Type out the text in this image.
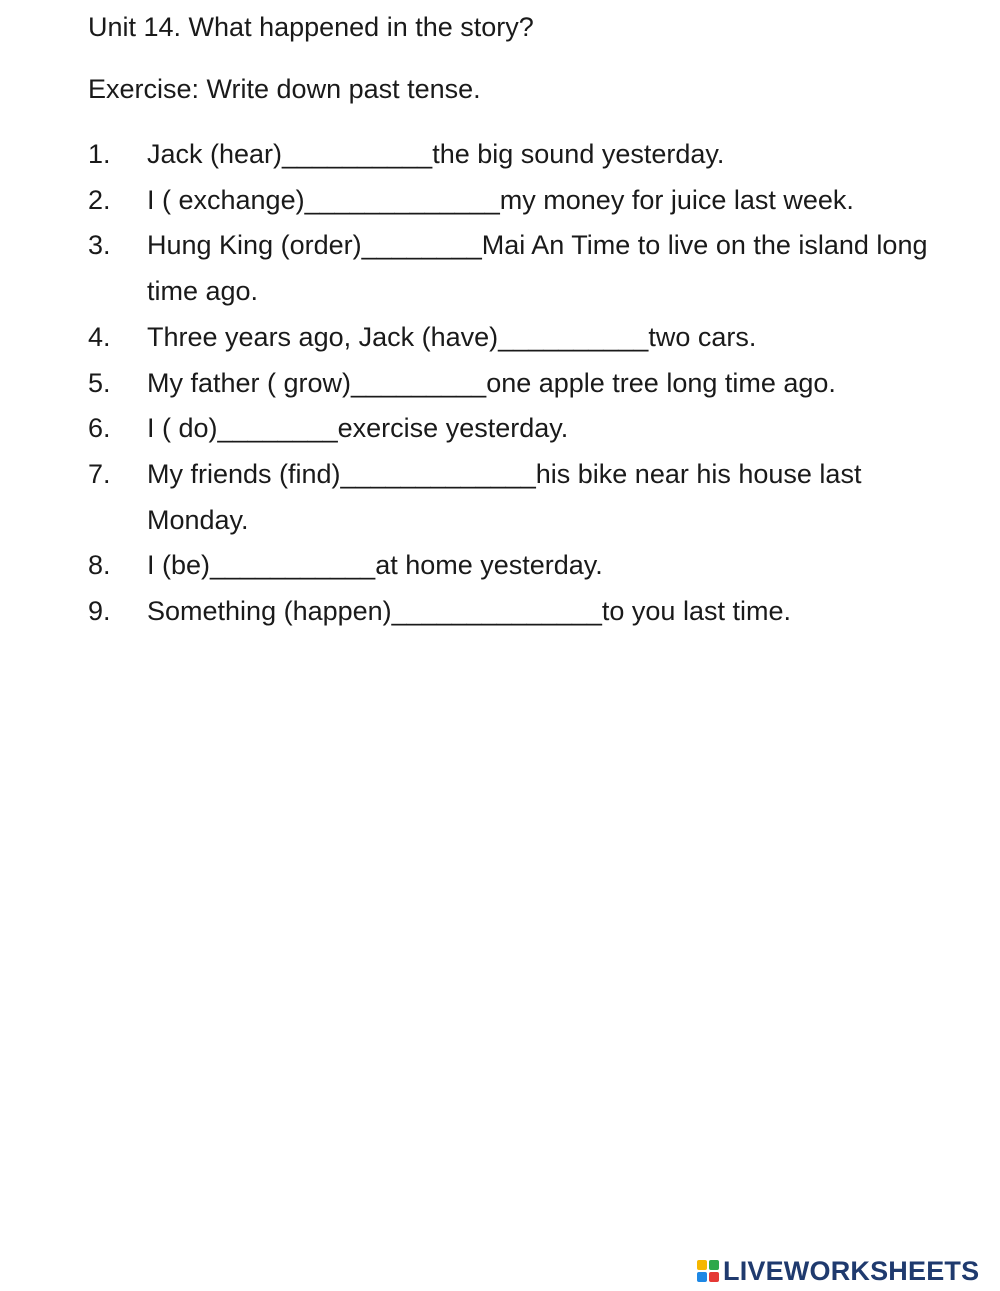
Unit 14. What happened in the story?
Exercise: Write down past tense.
1. Jack (hear)__________the big sound yesterday.
2. I ( exchange)_____________my money for juice last week.
3. Hung King (order)________Mai An Time to live on the island long time ago.
4. Three years ago, Jack (have)__________two cars.
5. My father ( grow)_________one apple tree long time ago.
6. I ( do)________exercise yesterday.
7. My friends (find)_____________his bike near his house last Monday.
8. I (be)___________at home yesterday.
9. Something (happen)______________to you last time.
LIVEWORKSHEETS
